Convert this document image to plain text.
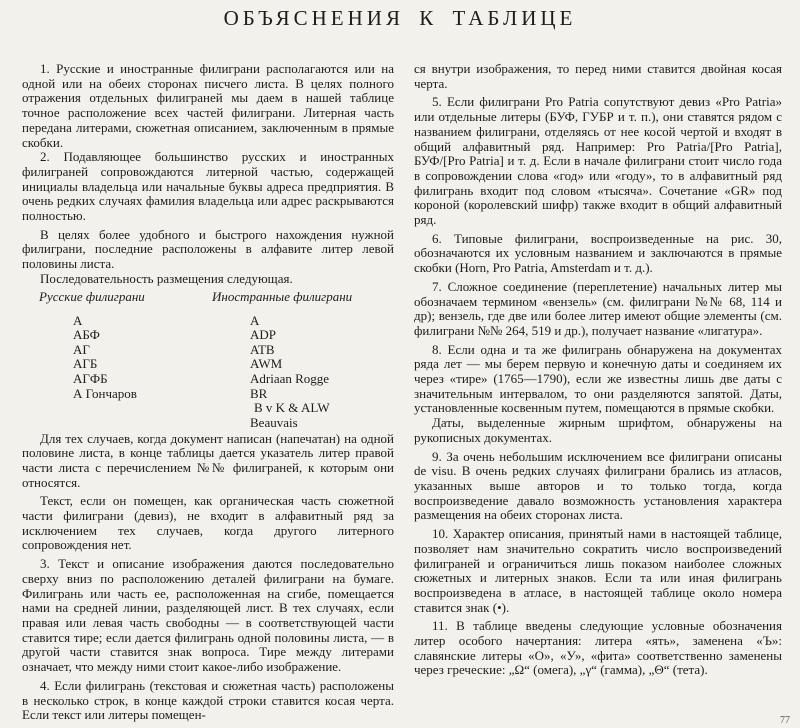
ОБЪЯСНЕНИЯ К ТАБЛИЦЕ

1. Русские и иностранные филиграни располагаются или на одной или на обеих сторонах писчего листа. В целях полного отражения отдельных филиграней мы даем в нашей таблице точное расположение всех частей филиграни. Литерная часть передана литерами, сюжетная описанием, заключенным в прямые скобки.

2. Подавляющее большинство русских и иностранных филиграней сопровождаются литерной частью, содержащей инициалы владельца или начальные буквы адреса предприятия. В очень редких случаях фамилия владельца или адрес раскрываются полностью.

В целях более удобного и быстрого нахождения нужной филиграни, последние расположены в алфавите литер левой половины листа.

Последовательность размещения следующая.

Русские филиграни	Иностранные филиграни
А
АБФ
АГ
АГБ
АГФБ
А Гончаров
A
ADP
ATB
AWM
Adriaan Rogge
BR
B v K & ALW
Beauvais

Для тех случаев, когда документ написан (напечатан) на одной половине листа, в конце таблицы дается указатель литер правой части листа с перечислением №№ филиграней, к которым они относятся.

Текст, если он помещен, как органическая часть сюжетной части филиграни (девиз), не входит в алфавитный ряд за исключением тех случаев, когда другого литерного сопровождения нет.

3. Текст и описание изображения даются последовательно сверху вниз по расположению деталей филиграни на бумаге. Филигрань или часть ее, расположенная на сгибе, помещается нами на средней линии, разделяющей лист. В тех случаях, если правая или левая часть свободны — в соответствующей части ставится тире; если дается филигрань одной половины листа, — в другой части ставится знак вопроса. Тире между литерами означает, что между ними стоит какое-либо изображение.

4. Если филигрань (текстовая и сюжетная часть) расположены в несколько строк, в конце каждой строки ставится косая черта. Если текст или литеры помещен-

ся внутри изображения, то перед ними ставится двойная косая черта.

5. Если филиграни Pro Patria сопутствуют девиз «Pro Patria» или отдельные литеры (БУФ, ГУБР и т. п.), они ставятся рядом с названием филиграни, отделяясь от нее косой чертой и входят в общий алфавитный ряд. Например: Pro Patria/[Pro Patria], БУФ/[Pro Patria] и т. д. Если в начале филиграни стоит число года в сопровождении слова «год» или «году», то в алфавитный ряд филигрань входит под словом «тысяча». Сочетание «GR» под короной (королевский шифр) также входит в общий алфавитный ряд.

6. Типовые филиграни, воспроизведенные на рис. 30, обозначаются их условным названием и заключаются в прямые скобки (Horn, Pro Patria, Amsterdam и т. д.).

7. Сложное соединение (переплетение) начальных литер мы обозначаем термином «вензель» (см. филиграни №№ 68, 114 и др); вензель, где две или более литер имеют общие элементы (см. филиграни №№ 264, 519 и др.), получает название «лигатура».

8. Если одна и та же филигрань обнаружена на документах ряда лет — мы берем первую и конечную даты и соединяем их через «тире» (1765—1790), если же известны лишь две даты с значительным интервалом, то они разделяются запятой. Даты, установленные косвенным путем, помещаются в прямые скобки.

Даты, выделенные жирным шрифтом, обнаружены на рукописных документах.

9. За очень небольшим исключением все филиграни описаны de visu. В очень редких случаях филиграни брались из атласов, указанных выше авторов и то только тогда, когда воспроизведение давало возможность установления характера размещения на обеих сторонах листа.

10. Характер описания, принятый нами в настоящей таблице, позволяет нам значительно сократить число воспроизведений филиграней и ограничиться лишь показом наиболее сложных сюжетных и литерных знаков. Если та или иная филигрань воспроизведена в атласе, в настоящей таблице около номера ставится знак (•).

11. В таблице введены следующие условные обозначения литер особого начертания: литера «ять», заменена «Ъ»: славянские литеры «О», «У», «фита» соответственно заменены через греческие: „Ω“ (омега), „γ“ (гамма), „Θ“ (тета).

77
